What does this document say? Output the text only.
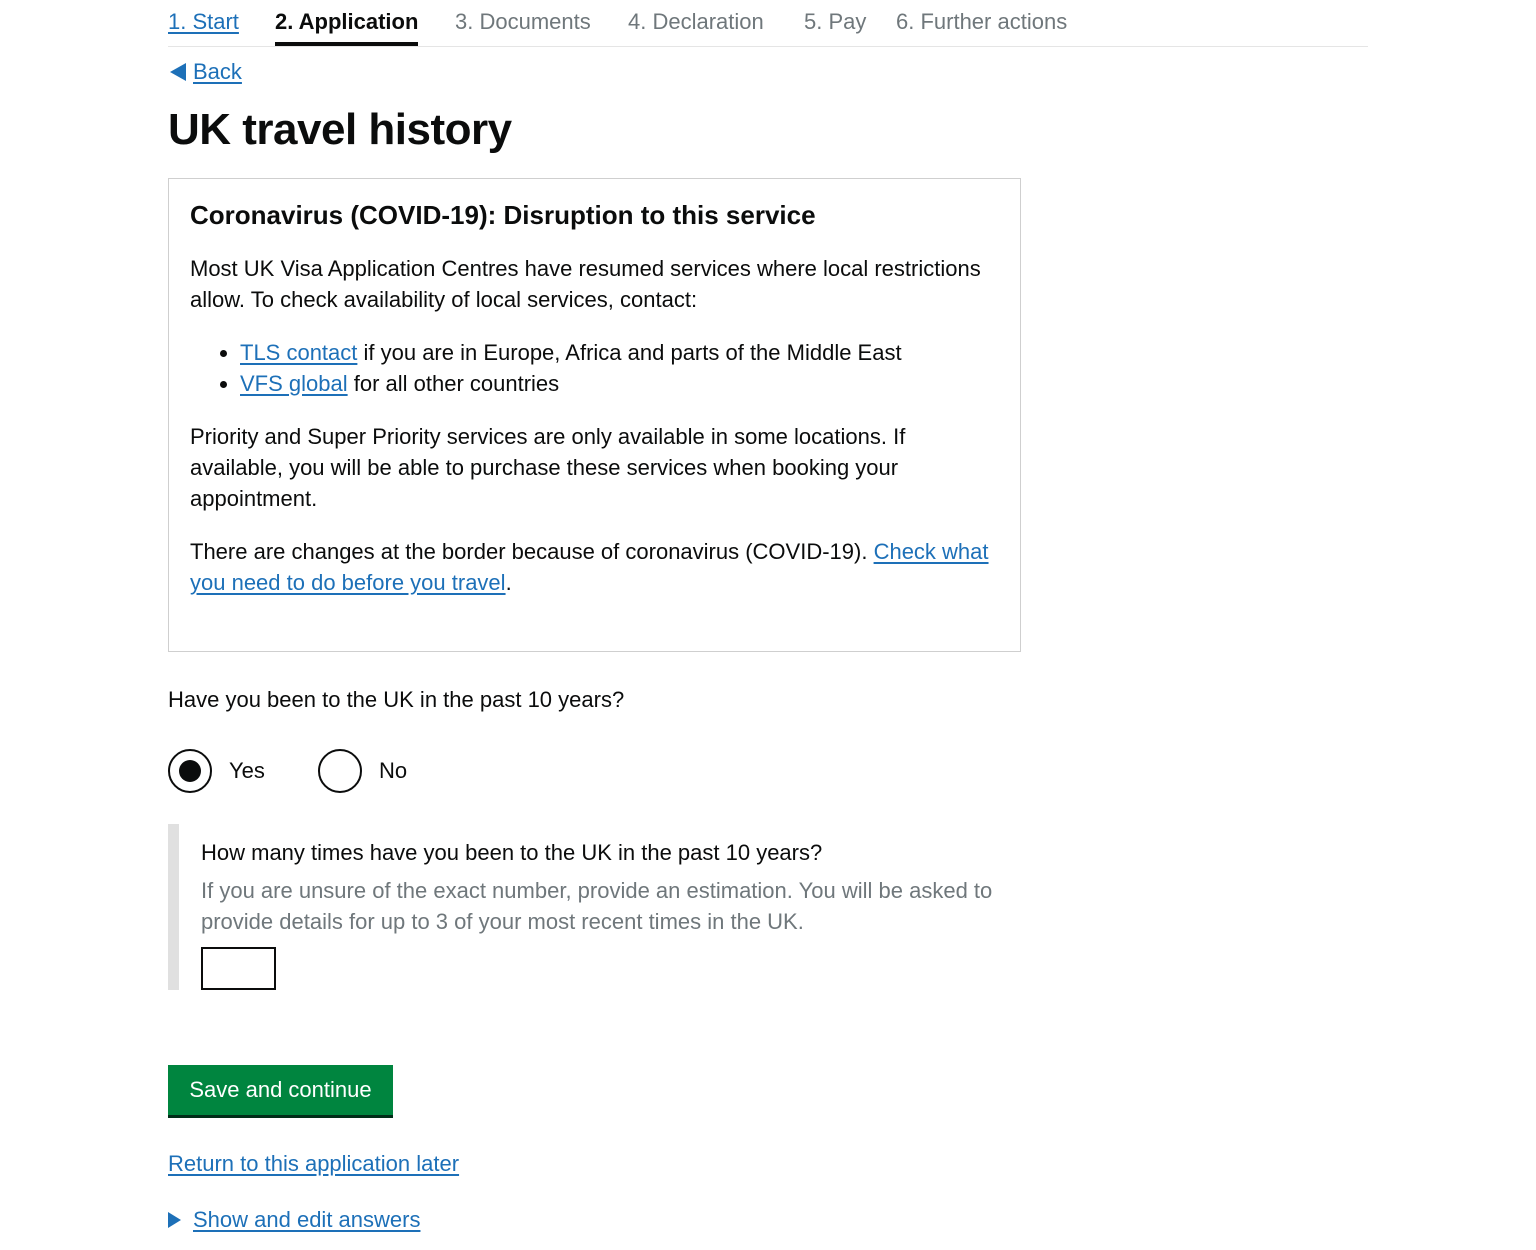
1. Start 2. Application 3. Documents 4. Declaration 5. Pay 6. Further actions
Back
UK travel history
Coronavirus (COVID-19): Disruption to this service

Most UK Visa Application Centres have resumed services where local restrictions allow. To check availability of local services, contact:

• TLS contact if you are in Europe, Africa and parts of the Middle East
• VFS global for all other countries

Priority and Super Priority services are only available in some locations. If available, you will be able to purchase these services when booking your appointment.

There are changes at the border because of coronavirus (COVID-19). Check what you need to do before you travel.

Have you been to the UK in the past 10 years?
Yes	No

How many times have you been to the UK in the past 10 years?

If you are unsure of the exact number, provide an estimation. You will be asked to provide details for up to 3 of your most recent times in the UK.
Save and continue
Return to this application later
Show and edit answers
